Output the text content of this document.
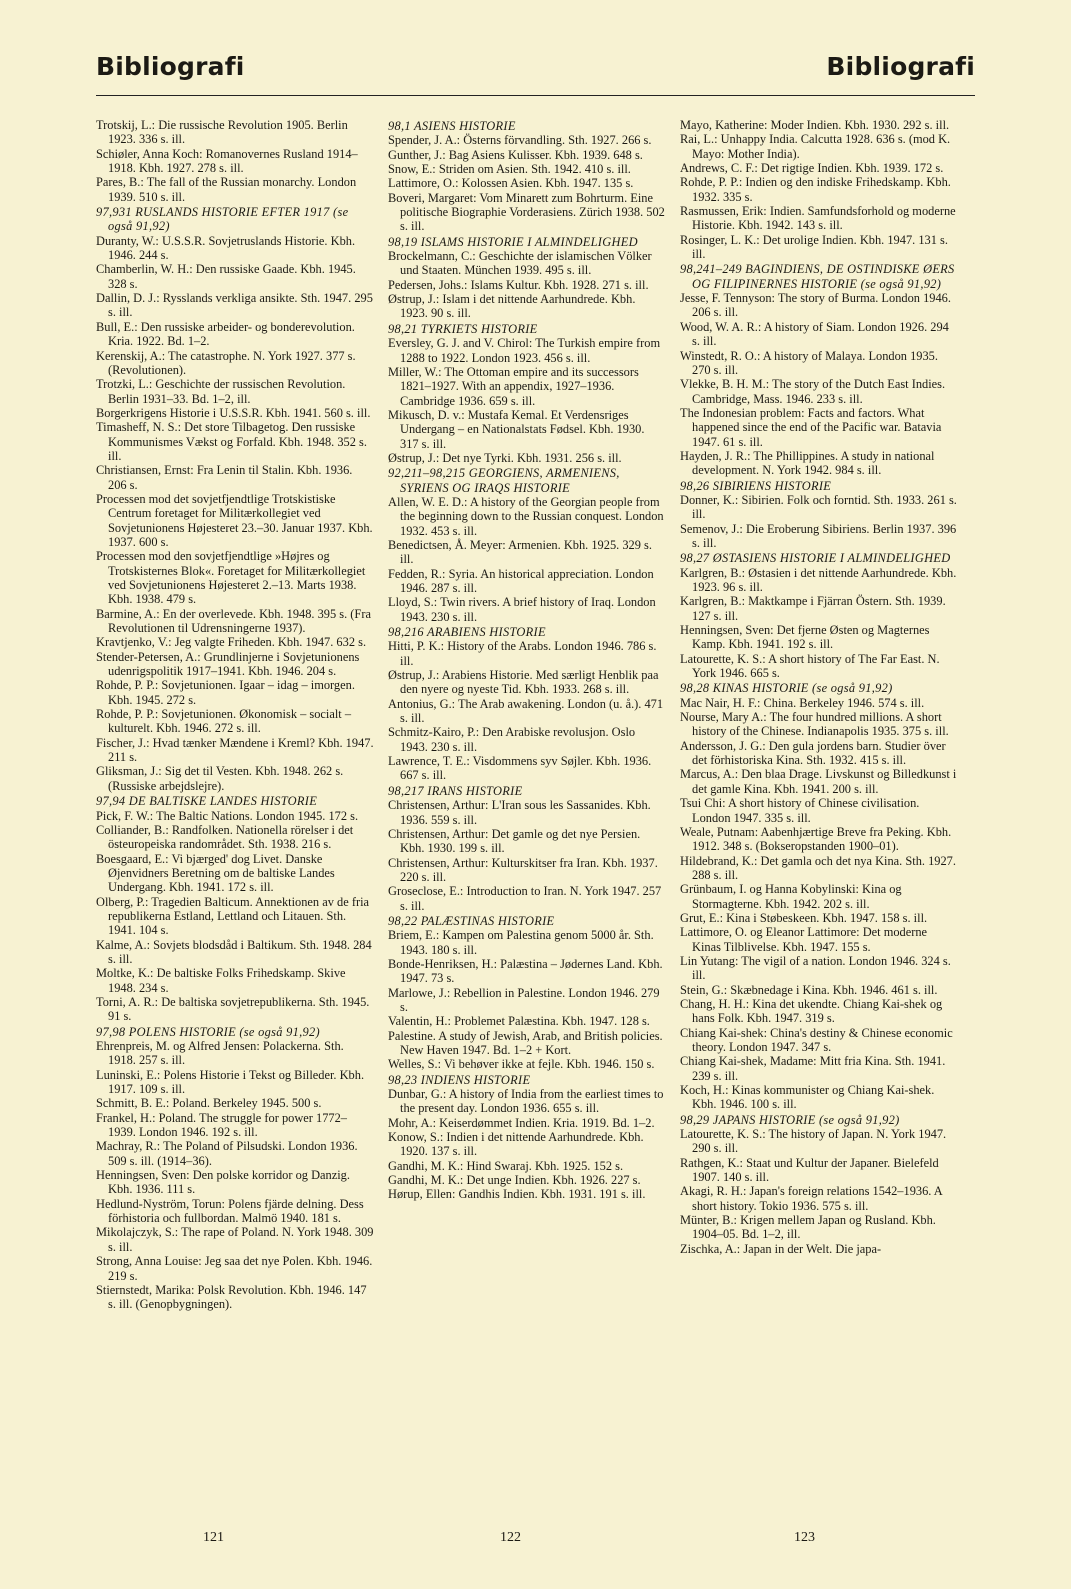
Bibliografi	Bibliografi
Trotskij, L.: Die russische Revolution 1905. Berlin 1923. 336 s. ill.
Schiøler, Anna Koch: Romanovernes Rusland 1914–1918. Kbh. 1927. 278 s. ill.
Pares, B.: The fall of the Russian monarchy. London 1939. 510 s. ill.
97,931 RUSLANDS HISTORIE EFTER 1917 (se også 91,92)
Duranty, W.: U.S.S.R. Sovjetruslands Historie. Kbh. 1946. 244 s.
Chamberlin, W. H.: Den russiske Gaade. Kbh. 1945. 328 s.
Dallin, D. J.: Rysslands verkliga ansikte. Sth. 1947. 295 s. ill.
Bull, E.: Den russiske arbeider- og bonderevolution. Kria. 1922. Bd. 1–2.
Kerenskij, A.: The catastrophe. N. York 1927. 377 s. (Revolutionen).
Trotzki, L.: Geschichte der russischen Revolution. Berlin 1931–33. Bd. 1–2, ill.
Borgerkrigens Historie i U.S.S.R. Kbh. 1941. 560 s. ill.
Timasheff, N. S.: Det store Tilbagetog. Den russiske Kommunismes Vækst og Forfald. Kbh. 1948. 352 s. ill.
Christiansen, Ernst: Fra Lenin til Stalin. Kbh. 1936. 206 s.
Processen mod det sovjetfjendtlige Trotskistiske Centrum foretaget for Militærkollegiet ved Sovjetunionens Højesteret 23.–30. Januar 1937. Kbh. 1937. 600 s.
Processen mod den sovjetfjendtlige »Højres og Trotskisternes Blok«. Foretaget for Militærkollegiet ved Sovjetunionens Højesteret 2.–13. Marts 1938. Kbh. 1938. 479 s.
Barmine, A.: En der overlevede. Kbh. 1948. 395 s. (Fra Revolutionen til Udrensningerne 1937).
Kravtjenko, V.: Jeg valgte Friheden. Kbh. 1947. 632 s.
Stender-Petersen, A.: Grundlinjerne i Sovjetunionens udenrigspolitik 1917–1941. Kbh. 1946. 204 s.
Rohde, P. P.: Sovjetunionen. Igaar – idag – imorgen. Kbh. 1945. 272 s.
Rohde, P. P.: Sovjetunionen. Økonomisk – socialt – kulturelt. Kbh. 1946. 272 s. ill.
Fischer, J.: Hvad tænker Mændene i Kreml? Kbh. 1947. 211 s.
Gliksman, J.: Sig det til Vesten. Kbh. 1948. 262 s. (Russiske arbejdslejre).
97,94 DE BALTISKE LANDES HISTORIE
Pick, F. W.: The Baltic Nations. London 1945. 172 s.
Colliander, B.: Randfolken. Nationella rörelser i det östeuropeiska randområdet. Sth. 1938. 216 s.
Boesgaard, E.: Vi bjærged' dog Livet. Danske Øjenvidners Beretning om de baltiske Landes Undergang. Kbh. 1941. 172 s. ill.
Olberg, P.: Tragedien Balticum. Annektionen av de fria republikerna Estland, Lettland och Litauen. Sth. 1941. 104 s.
Kalme, A.: Sovjets blodsdåd i Baltikum. Sth. 1948. 284 s. ill.
Moltke, K.: De baltiske Folks Frihedskamp. Skive 1948. 234 s.
Torni, A. R.: De baltiska sovjetrepublikerna. Sth. 1945. 91 s.
97,98 POLENS HISTORIE (se også 91,92)
Ehrenpreis, M. og Alfred Jensen: Polackerna. Sth. 1918. 257 s. ill.
Luninski, E.: Polens Historie i Tekst og Billeder. Kbh. 1917. 109 s. ill.
Schmitt, B. E.: Poland. Berkeley 1945. 500 s.
Frankel, H.: Poland. The struggle for power 1772–1939. London 1946. 192 s. ill.
Machray, R.: The Poland of Pilsudski. London 1936. 509 s. ill. (1914–36).
Henningsen, Sven: Den polske korridor og Danzig. Kbh. 1936. 111 s.
Hedlund-Nyström, Torun: Polens fjärde delning. Dess förhistoria och fullbordan. Malmö 1940. 181 s.
Mikolajczyk, S.: The rape of Poland. N. York 1948. 309 s. ill.
Strong, Anna Louise: Jeg saa det nye Polen. Kbh. 1946. 219 s.
Stiernstedt, Marika: Polsk Revolution. Kbh. 1946. 147 s. ill. (Genopbygningen).
98,1 ASIENS HISTORIE
Spender, J. A.: Österns förvandling. Sth. 1927. 266 s.
Gunther, J.: Bag Asiens Kulisser. Kbh. 1939. 648 s.
Snow, E.: Striden om Asien. Sth. 1942. 410 s. ill.
Lattimore, O.: Kolossen Asien. Kbh. 1947. 135 s.
Boveri, Margaret: Vom Minarett zum Bohrturm. Eine politische Biographie Vorderasiens. Zürich 1938. 502 s. ill.
98,19 ISLAMS HISTORIE I ALMINDELIGHED
Brockelmann, C.: Geschichte der islamischen Völker und Staaten. München 1939. 495 s. ill.
Pedersen, Johs.: Islams Kultur. Kbh. 1928. 271 s. ill.
Østrup, J.: Islam i det nittende Aarhundrede. Kbh. 1923. 90 s. ill.
98,21 TYRKIETS HISTORIE
Eversley, G. J. and V. Chirol: The Turkish empire from 1288 to 1922. London 1923. 456 s. ill.
Miller, W.: The Ottoman empire and its successors 1821–1927. With an appendix, 1927–1936. Cambridge 1936. 659 s. ill.
Mikusch, D. v.: Mustafa Kemal. Et Verdensriges Undergang – en Nationalstats Fødsel. Kbh. 1930. 317 s. ill.
Østrup, J.: Det nye Tyrki. Kbh. 1931. 256 s. ill.
92,211–98,215 GEORGIENS, ARMENIENS, SYRIENS OG IRAQS HISTORIE
Allen, W. E. D.: A history of the Georgian people from the beginning down to the Russian conquest. London 1932. 453 s. ill.
Benedictsen, Å. Meyer: Armenien. Kbh. 1925. 329 s. ill.
Fedden, R.: Syria. An historical appreciation. London 1946. 287 s. ill.
Lloyd, S.: Twin rivers. A brief history of Iraq. London 1943. 230 s. ill.
98,216 ARABIENS HISTORIE
Hitti, P. K.: History of the Arabs. London 1946. 786 s. ill.
Østrup, J.: Arabiens Historie. Med særligt Henblik paa den nyere og nyeste Tid. Kbh. 1933. 268 s. ill.
Antonius, G.: The Arab awakening. London (u. å.). 471 s. ill.
Schmitz-Kairo, P.: Den Arabiske revolusjon. Oslo 1943. 230 s. ill.
Lawrence, T. E.: Visdommens syv Søjler. Kbh. 1936. 667 s. ill.
98,217 IRANS HISTORIE
Christensen, Arthur: L'Iran sous les Sassanides. Kbh. 1936. 559 s. ill.
Christensen, Arthur: Det gamle og det nye Persien. Kbh. 1930. 199 s. ill.
Christensen, Arthur: Kulturskitser fra Iran. Kbh. 1937. 220 s. ill.
Groseclose, E.: Introduction to Iran. N. York 1947. 257 s. ill.
98,22 PALÆSTINAS HISTORIE
Briem, E.: Kampen om Palestina genom 5000 år. Sth. 1943. 180 s. ill.
Bonde-Henriksen, H.: Palæstina – Jødernes Land. Kbh. 1947. 73 s.
Marlowe, J.: Rebellion in Palestine. London 1946. 279 s.
Valentin, H.: Problemet Palæstina. Kbh. 1947. 128 s.
Palestine. A study of Jewish, Arab, and British policies. New Haven 1947. Bd. 1–2 + Kort.
Welles, S.: Vi behøver ikke at fejle. Kbh. 1946. 150 s.
98,23 INDIENS HISTORIE
Dunbar, G.: A history of India from the earliest times to the present day. London 1936. 655 s. ill.
Mohr, A.: Keiserdømmet Indien. Kria. 1919. Bd. 1–2.
Konow, S.: Indien i det nittende Aarhundrede. Kbh. 1920. 137 s. ill.
Gandhi, M. K.: Hind Swaraj. Kbh. 1925. 152 s.
Gandhi, M. K.: Det unge Indien. Kbh. 1926. 227 s.
Hørup, Ellen: Gandhis Indien. Kbh. 1931. 191 s. ill.
Mayo, Katherine: Moder Indien. Kbh. 1930. 292 s. ill.
Rai, L.: Unhappy India. Calcutta 1928. 636 s. (mod K. Mayo: Mother India).
Andrews, C. F.: Det rigtige Indien. Kbh. 1939. 172 s.
Rohde, P. P.: Indien og den indiske Frihedskamp. Kbh. 1932. 335 s.
Rasmussen, Erik: Indien. Samfundsforhold og moderne Historie. Kbh. 1942. 143 s. ill.
Rosinger, L. K.: Det urolige Indien. Kbh. 1947. 131 s. ill.
98,241–249 BAGINDIENS, DE OSTINDISKE ØERS OG FILIPINERNES HISTORIE (se også 91,92)
Jesse, F. Tennyson: The story of Burma. London 1946. 206 s. ill.
Wood, W. A. R.: A history of Siam. London 1926. 294 s. ill.
Winstedt, R. O.: A history of Malaya. London 1935. 270 s. ill.
Vlekke, B. H. M.: The story of the Dutch East Indies. Cambridge, Mass. 1946. 233 s. ill.
The Indonesian problem: Facts and factors. What happened since the end of the Pacific war. Batavia 1947. 61 s. ill.
Hayden, J. R.: The Phillippines. A study in national development. N. York 1942. 984 s. ill.
98,26 SIBIRIENS HISTORIE
Donner, K.: Sibirien. Folk och forntid. Sth. 1933. 261 s. ill.
Semenov, J.: Die Eroberung Sibiriens. Berlin 1937. 396 s. ill.
98,27 ØSTASIENS HISTORIE I ALMINDELIGHED
Karlgren, B.: Østasien i det nittende Aarhundrede. Kbh. 1923. 96 s. ill.
Karlgren, B.: Maktkampe i Fjärran Östern. Sth. 1939. 127 s. ill.
Henningsen, Sven: Det fjerne Østen og Magternes Kamp. Kbh. 1941. 192 s. ill.
Latourette, K. S.: A short history of The Far East. N. York 1946. 665 s.
98,28 KINAS HISTORIE (se også 91,92)
Mac Nair, H. F.: China. Berkeley 1946. 574 s. ill.
Nourse, Mary A.: The four hundred millions. A short history of the Chinese. Indianapolis 1935. 375 s. ill.
Andersson, J. G.: Den gula jordens barn. Studier över det förhistoriska Kina. Sth. 1932. 415 s. ill.
Marcus, A.: Den blaa Drage. Livskunst og Billedkunst i det gamle Kina. Kbh. 1941. 200 s. ill.
Tsui Chi: A short history of Chinese civilisation. London 1947. 335 s. ill.
Weale, Putnam: Aabenhjærtige Breve fra Peking. Kbh. 1912. 348 s. (Bokseropstanden 1900–01).
Hildebrand, K.: Det gamla och det nya Kina. Sth. 1927. 288 s. ill.
Grünbaum, I. og Hanna Kobylinski: Kina og Stormagterne. Kbh. 1942. 202 s. ill.
Grut, E.: Kina i Støbeskeen. Kbh. 1947. 158 s. ill.
Lattimore, O. og Eleanor Lattimore: Det moderne Kinas Tilblivelse. Kbh. 1947. 155 s.
Lin Yutang: The vigil of a nation. London 1946. 324 s. ill.
Stein, G.: Skæbnedage i Kina. Kbh. 1946. 461 s. ill.
Chang, H. H.: Kina det ukendte. Chiang Kai-shek og hans Folk. Kbh. 1947. 319 s.
Chiang Kai-shek: China's destiny & Chinese economic theory. London 1947. 347 s.
Chiang Kai-shek, Madame: Mitt fria Kina. Sth. 1941. 239 s. ill.
Koch, H.: Kinas kommunister og Chiang Kai-shek. Kbh. 1946. 100 s. ill.
98,29 JAPANS HISTORIE (se også 91,92)
Latourette, K. S.: The history of Japan. N. York 1947. 290 s. ill.
Rathgen, K.: Staat und Kultur der Japaner. Bielefeld 1907. 140 s. ill.
Akagi, R. H.: Japan's foreign relations 1542–1936. A short history. Tokio 1936. 575 s. ill.
Münter, B.: Krigen mellem Japan og Rusland. Kbh. 1904–05. Bd. 1–2, ill.
Zischka, A.: Japan in der Welt. Die japa-
121	122	123
